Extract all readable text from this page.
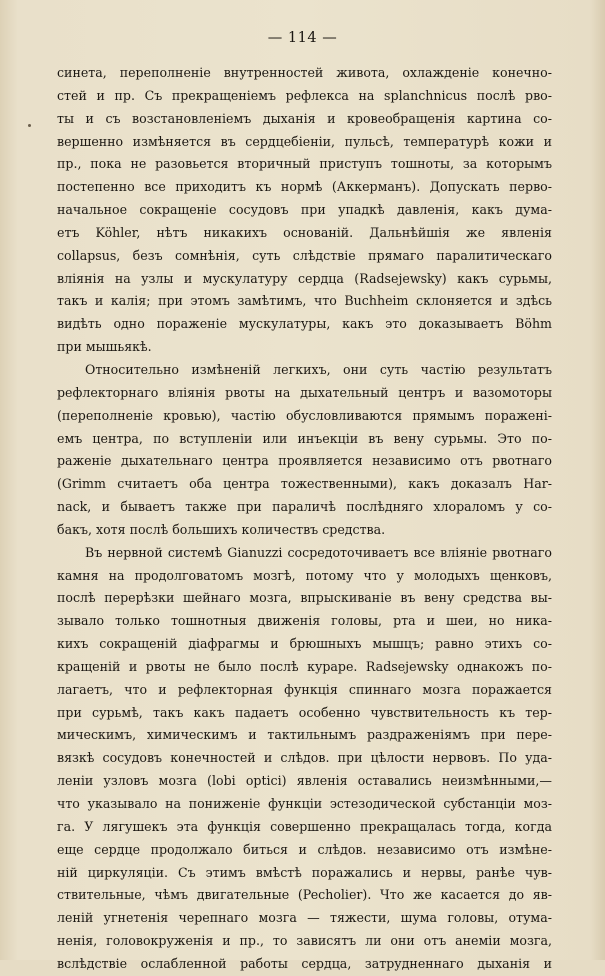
— 114 —
синета, переполненіе внутренностей живота, охлажденіе конечно-
стей и пр. Съ прекращеніемъ рефлекса на splanchnicus послѣ рво-
ты и съ возстановленіемъ дыханія и кровеобращенія картина со-
вершенно измѣняется въ сердцебіеніи, пульсѣ, температурѣ кожи и
пр., пока не разовьется вторичный приступъ тошноты, за которымъ
постепенно все приходитъ къ нормѣ (Аккерманъ). Допускать перво-
начальное сокращеніе сосудовъ при упадкѣ давленія, какъ дума-
етъ Köhler, нѣтъ никакихъ основаній. Дальнѣйшія же явленія
collapsus, безъ сомнѣнія, суть слѣдствіе прямаго паралитическаго
вліянія на узлы и мускулатуру сердца (Radsejewsky) какъ сурьмы,
такъ и калія; при этомъ замѣтимъ, что Buchheim склоняется и здѣсь
видѣть одно пораженіе мускулатуры, какъ это доказываетъ Böhm
при мышьякѣ.
Относительно измѣненій легкихъ, они суть частію результатъ
рефлекторнаго вліянія рвоты на дыхательный центръ и вазомоторы
(переполненіе кровью), частію обусловливаются прямымъ поражені-
емъ центра, по вступленіи или инъекціи въ вену сурьмы. Это по-
раженіе дыхательнаго центра проявляется независимо отъ рвотнаго
(Grimm считаетъ оба центра тожественными), какъ доказалъ Har-
nack, и бываетъ также при параличѣ послѣдняго хлораломъ у со-
бакъ, хотя послѣ большихъ количествъ средства.
Въ нервной системѣ Gianuzzi сосредоточиваетъ все вліяніе рвотнаго
камня на продолговатомъ мозгѣ, потому что у молодыхъ щенковъ,
послѣ перерѣзки шейнаго мозга, впрыскиваніе въ вену средства вы-
зывало только тошнотныя движенія головы, рта и шеи, но ника-
кихъ сокращеній діафрагмы и брюшныхъ мышцъ; равно этихъ со-
кращеній и рвоты не было послѣ кураре. Radsejewsky однакожъ по-
лагаетъ, что и рефлекторная функція спиннаго мозга поражается
при сурьмѣ, такъ какъ падаетъ особенно чувствительность къ тер-
мическимъ, химическимъ и тактильнымъ раздраженіямъ при пере-
вязкѣ сосудовъ конечностей и слѣдов. при цѣлости нервовъ. По уда-
леніи узловъ мозга (lobi optici) явленія оставались неизмѣнными,—
что указывало на пониженіе функціи эстезодической субстанціи моз-
га. У лягушекъ эта функція совершенно прекращалась тогда, когда
еще сердце продолжало биться и слѣдов. независимо отъ измѣне-
ній циркуляціи. Съ этимъ вмѣстѣ поражались и нервы, ранѣе чув-
ствительные, чѣмъ двигательные (Pecholier). Что же касается до яв-
леній угнетенія черепнаго мозга — тяжести, шума головы, отума-
ненія, головокруженія и пр., то зависятъ ли они отъ анеміи мозга,
вслѣдствіе ослабленной работы сердца, затрудненнаго дыханія и
